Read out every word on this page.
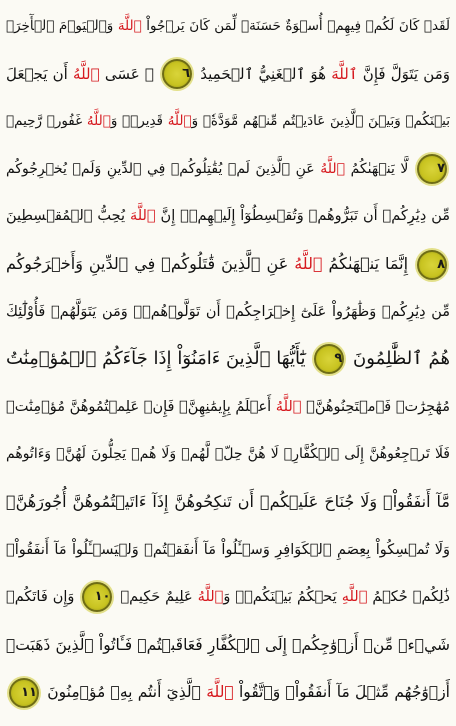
لَقَدۡ كَانَ لَكُمۡ فِيهِمۡ أُسۡوَةٌ حَسَنَةٞ لِّمَن كَانَ يَرۡجُواْ ٱللَّهَ وَٱلۡيَوۡمَ ٱلۡأٓخِرَۚ
وَمَن يَتَوَلَّ فَإِنَّ ٱللَّهَ هُوَ ٱلۡغَنِيُّ ٱلۡحَمِيدُ ٦ ۞ عَسَى ٱللَّهُ أَن يَجۡعَلَ
بَيۡنَكُمۡ وَبَيۡنَ ٱلَّذِينَ عَادَيۡتُم مِّنۡهُم مَّوَدَّةٗۚ وَٱللَّهُ قَدِيرٞۚ وَٱللَّهُ غَفُورٞ رَّحِيمٞ
٧ لَّا يَنۡهَىٰكُمُ ٱللَّهُ عَنِ ٱلَّذِينَ لَمۡ يُقَٰتِلُوكُمۡ فِي ٱلدِّينِ وَلَمۡ يُخۡرِجُوكُم
مِّن دِيَٰرِكُمۡ أَن تَبَرُّوهُمۡ وَتُقۡسِطُوٓاْ إِلَيۡهِمۡۚ إِنَّ ٱللَّهَ يُحِبُّ ٱلۡمُقۡسِطِينَ
٨ إِنَّمَا يَنۡهَىٰكُمُ ٱللَّهُ عَنِ ٱلَّذِينَ قَٰتَلُوكُمۡ فِي ٱلدِّينِ وَأَخۡرَجُوكُم
مِّن دِيَٰرِكُمۡ وَظَٰهَرُواْ عَلَىٰٓ إِخۡرَاجِكُمۡ أَن تَوَلَّوۡهُمۡۚ وَمَن يَتَوَلَّهُمۡ فَأُوْلَٰٓئِكَ
هُمُ ٱلظَّٰلِمُونَ ٩ يَٰٓأَيُّهَا ٱلَّذِينَ ءَامَنُوٓاْ إِذَا جَآءَكُمُ ٱلۡمُؤۡمِنَٰتُ
مُهَٰجِرَٰتٖ فَٱمۡتَحِنُوهُنَّۖ ٱللَّهُ أَعۡلَمُ بِإِيمَٰنِهِنَّۖ فَإِنۡ عَلِمۡتُمُوهُنَّ مُؤۡمِنَٰتٖ
فَلَا تَرۡجِعُوهُنَّ إِلَى ٱلۡكُفَّارِۖ لَا هُنَّ حِلّٞ لَّهُمۡ وَلَا هُمۡ يَحِلُّونَ لَهُنَّۖ وَءَاتُوهُم
مَّآ أَنفَقُواْۚ وَلَا جُنَاحَ عَلَيۡكُمۡ أَن تَنكِحُوهُنَّ إِذَآ ءَاتَيۡتُمُوهُنَّ أُجُورَهُنَّۚ
وَلَا تُمۡسِكُواْ بِعِصَمِ ٱلۡكَوَافِرِ وَسۡـَٔلُواْ مَآ أَنفَقۡتُمۡ وَلۡيَسۡـَٔلُواْ مَآ أَنفَقُواْۚ
ذَٰلِكُمۡ حُكۡمُ ٱللَّهِ يَحۡكُمُ بَيۡنَكُمۡۖ وَٱللَّهُ عَلِيمٌ حَكِيمٞ ١٠ وَإِن فَاتَكُمۡ
شَيۡءٞ مِّنۡ أَزۡوَٰجِكُمۡ إِلَى ٱلۡكُفَّارِ فَعَاقَبۡتُمۡ فَـَٔاتُواْ ٱلَّذِينَ ذَهَبَتۡ
أَزۡوَٰجُهُم مِّثۡلَ مَآ أَنفَقُواْۚ وَٱتَّقُواْ ٱللَّهَ ٱلَّذِيٓ أَنتُم بِهِۦ مُؤۡمِنُونَ ١١
